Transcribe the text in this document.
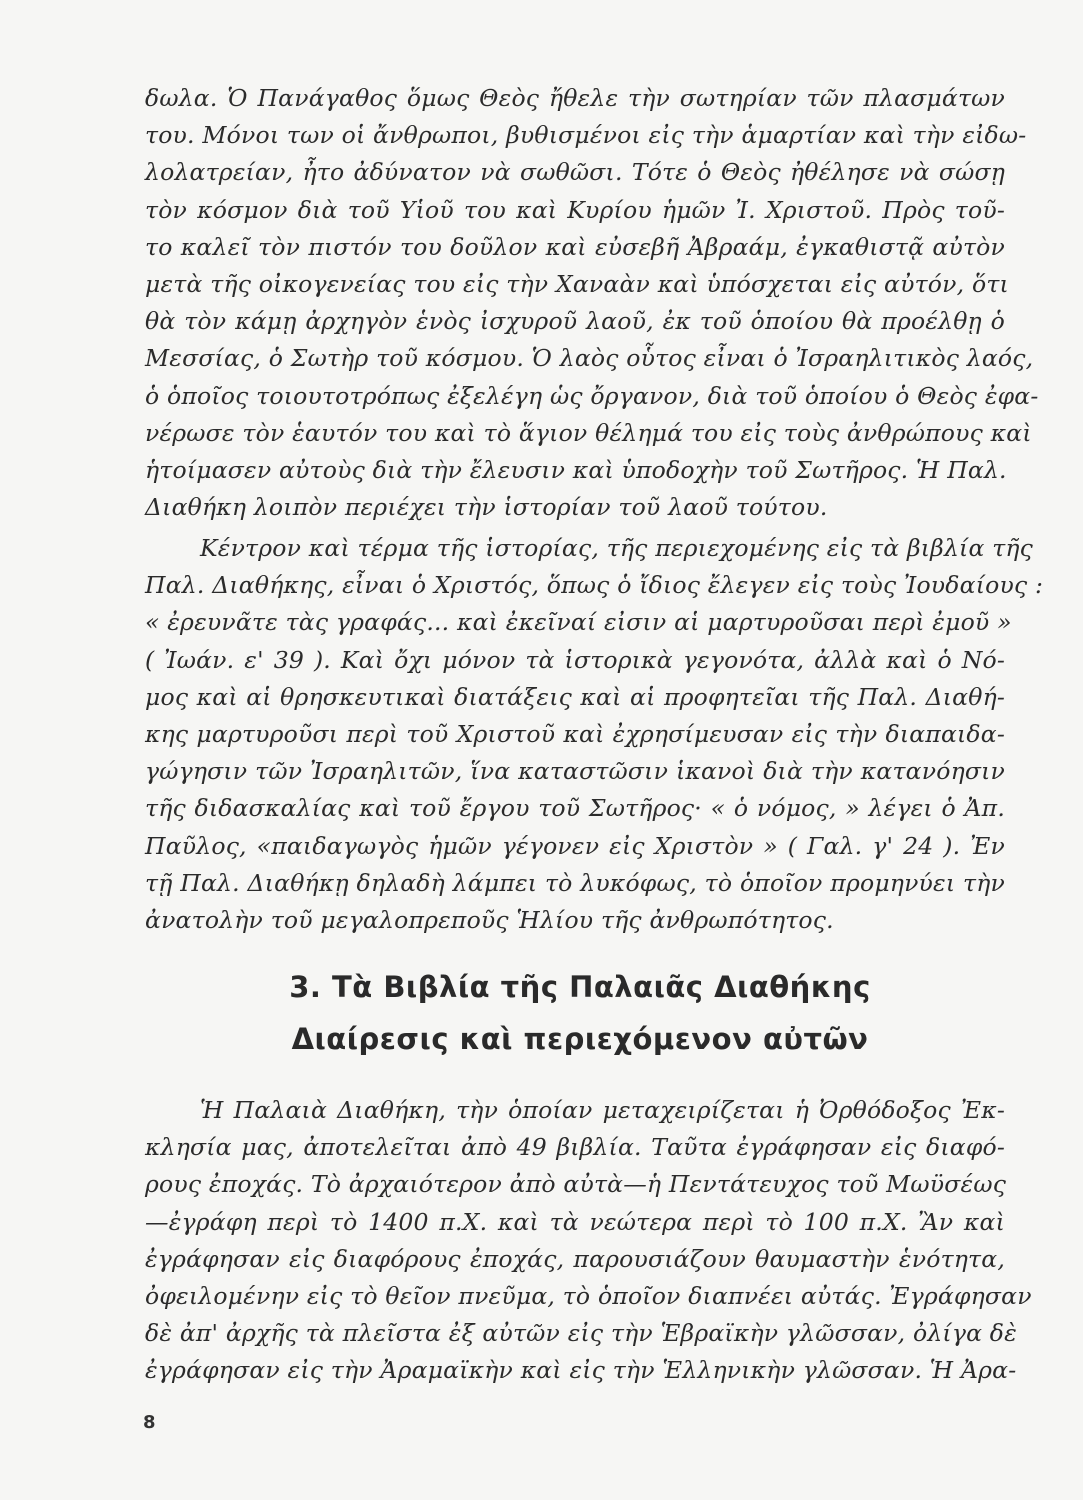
δωλα. Ὁ Πανάγαθος ὅμως Θεὸς ἤθελε τὴν σωτηρίαν τῶν πλασμάτων
του. Μόνοι των οἱ ἄνθρωποι, βυθισμένοι εἰς τὴν ἁμαρτίαν καὶ τὴν εἰδω-
λολατρείαν, ἦτο ἀδύνατον νὰ σωθῶσι. Τότε ὁ Θεὸς ἠθέλησε νὰ σώσῃ
τὸν κόσμον διὰ τοῦ Υἱοῦ του καὶ Κυρίου ἡμῶν Ἰ. Χριστοῦ. Πρὸς τοῦ-
το καλεῖ τὸν πιστόν του δοῦλον καὶ εὐσεβῆ Ἀβραάμ, ἐγκαθιστᾷ αὐτὸν
μετὰ τῆς οἰκογενείας του εἰς τὴν Χαναὰν καὶ ὑπόσχεται εἰς αὐτόν, ὅτι
θὰ τὸν κάμῃ ἀρχηγὸν ἑνὸς ἰσχυροῦ λαοῦ, ἐκ τοῦ ὁποίου θὰ προέλθῃ ὁ
Μεσσίας, ὁ Σωτὴρ τοῦ κόσμου. Ὁ λαὸς οὗτος εἶναι ὁ Ἰσραηλιτικὸς λαός,
ὁ ὁποῖος τοιουτοτρόπως ἐξελέγη ὡς ὄργανον, διὰ τοῦ ὁποίου ὁ Θεὸς ἐφα-
νέρωσε τὸν ἑαυτόν του καὶ τὸ ἅγιον θέλημά του εἰς τοὺς ἀνθρώπους καὶ
ἡτοίμασεν αὐτοὺς διὰ τὴν ἔλευσιν καὶ ὑποδοχὴν τοῦ Σωτῆρος. Ἡ Παλ.
Διαθήκη λοιπὸν περιέχει τὴν ἱστορίαν τοῦ λαοῦ τούτου.
Κέντρον καὶ τέρμα τῆς ἱστορίας, τῆς περιεχομένης εἰς τὰ βιβλία τῆς
Παλ. Διαθήκης, εἶναι ὁ Χριστός, ὅπως ὁ ἴδιος ἔλεγεν εἰς τοὺς Ἰουδαίους :
« ἐρευνᾶτε τὰς γραφάς... καὶ ἐκεῖναί εἰσιν αἱ μαρτυροῦσαι περὶ ἐμοῦ »
( Ἰωάν. ε' 39 ). Καὶ ὄχι μόνον τὰ ἱστορικὰ γεγονότα, ἀλλὰ καὶ ὁ Νό-
μος καὶ αἱ θρησκευτικαὶ διατάξεις καὶ αἱ προφητεῖαι τῆς Παλ. Διαθή-
κης μαρτυροῦσι περὶ τοῦ Χριστοῦ καὶ ἐχρησίμευσαν εἰς τὴν διαπαιδα-
γώγησιν τῶν Ἰσραηλιτῶν, ἵνα καταστῶσιν ἱκανοὶ διὰ τὴν κατανόησιν
τῆς διδασκαλίας καὶ τοῦ ἔργου τοῦ Σωτῆρος· « ὁ νόμος, » λέγει ὁ Ἀπ.
Παῦλος, «παιδαγωγὸς ἡμῶν γέγονεν εἰς Χριστὸν » ( Γαλ. γ' 24 ). Ἐν
τῇ Παλ. Διαθήκῃ δηλαδὴ λάμπει τὸ λυκόφως, τὸ ὁποῖον προμηνύει τὴν
ἀνατολὴν τοῦ μεγαλοπρεποῦς Ἡλίου τῆς ἀνθρωπότητος.
3. Τὰ Βιβλία τῆς Παλαιᾶς Διαθήκης
Διαίρεσις καὶ περιεχόμενον αὐτῶν
Ἡ Παλαιὰ Διαθήκη, τὴν ὁποίαν μεταχειρίζεται ἡ Ὀρθόδοξος Ἐκ-
κλησία μας, ἀποτελεῖται ἀπὸ 49 βιβλία. Ταῦτα ἐγράφησαν εἰς διαφό-
ρους ἐποχάς. Τὸ ἀρχαιότερον ἀπὸ αὐτὰ—ἡ Πεντάτευχος τοῦ Μωϋσέως
—ἐγράφη περὶ τὸ 1400 π.Χ. καὶ τὰ νεώτερα περὶ τὸ 100 π.Χ. Ἂν καὶ
ἐγράφησαν εἰς διαφόρους ἐποχάς, παρουσιάζουν θαυμαστὴν ἑνότητα,
ὀφειλομένην εἰς τὸ θεῖον πνεῦμα, τὸ ὁποῖον διαπνέει αὐτάς. Ἐγράφησαν
δὲ ἀπ' ἀρχῆς τὰ πλεῖστα ἐξ αὐτῶν εἰς τὴν Ἑβραϊκὴν γλῶσσαν, ὀλίγα δὲ
ἐγράφησαν εἰς τὴν Ἀραμαϊκὴν καὶ εἰς τὴν Ἑλληνικὴν γλῶσσαν. Ἡ Ἀρα-
8
